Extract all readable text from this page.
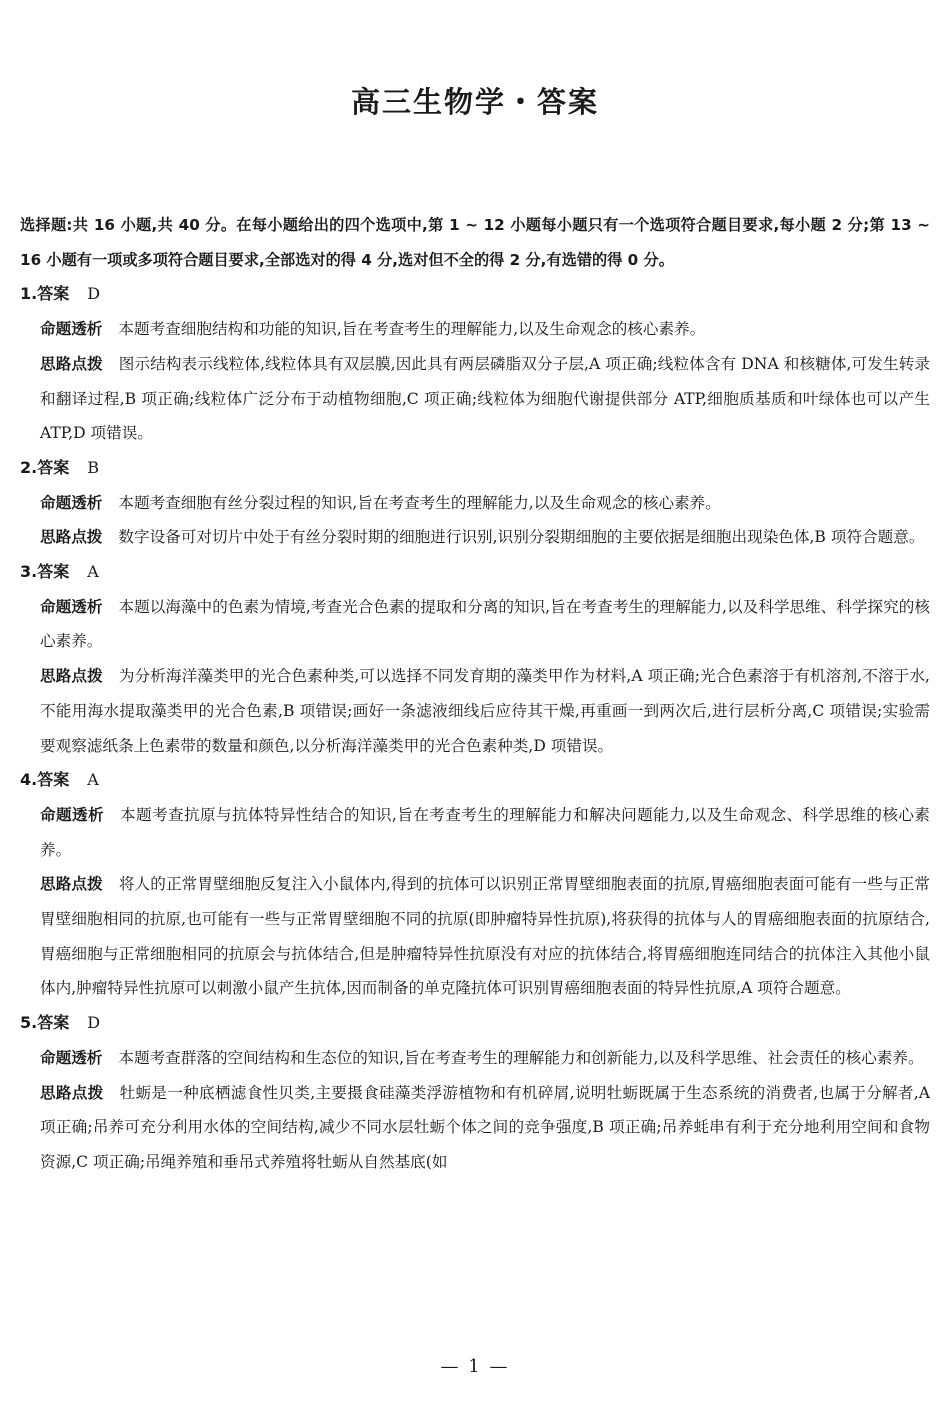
高三生物学・答案

选择题:共 16 小题,共 40 分。在每小题给出的四个选项中,第 1 ~ 12 小题每小题只有一个选项符合题目要求,每小题 2 分;第 13 ~ 16 小题有一项或多项符合题目要求,全部选对的得 4 分,选对但不全的得 2 分,有选错的得 0 分。

1.答案 D

命题透析 本题考查细胞结构和功能的知识,旨在考查考生的理解能力,以及生命观念的核心素养。

思路点拨 图示结构表示线粒体,线粒体具有双层膜,因此具有两层磷脂双分子层,A 项正确;线粒体含有 DNA 和核糖体,可发生转录和翻译过程,B 项正确;线粒体广泛分布于动植物细胞,C 项正确;线粒体为细胞代谢提供部分 ATP,细胞质基质和叶绿体也可以产生 ATP,D 项错误。

2.答案 B

命题透析 本题考查细胞有丝分裂过程的知识,旨在考查考生的理解能力,以及生命观念的核心素养。

思路点拨 数字设备可对切片中处于有丝分裂时期的细胞进行识别,识别分裂期细胞的主要依据是细胞出现染色体,B 项符合题意。

3.答案 A

命题透析 本题以海藻中的色素为情境,考查光合色素的提取和分离的知识,旨在考查考生的理解能力,以及科学思维、科学探究的核心素养。

思路点拨 为分析海洋藻类甲的光合色素种类,可以选择不同发育期的藻类甲作为材料,A 项正确;光合色素溶于有机溶剂,不溶于水,不能用海水提取藻类甲的光合色素,B 项错误;画好一条滤液细线后应待其干燥,再重画一到两次后,进行层析分离,C 项错误;实验需要观察滤纸条上色素带的数量和颜色,以分析海洋藻类甲的光合色素种类,D 项错误。

4.答案 A

命题透析 本题考查抗原与抗体特异性结合的知识,旨在考查考生的理解能力和解决问题能力,以及生命观念、科学思维的核心素养。

思路点拨 将人的正常胃壁细胞反复注入小鼠体内,得到的抗体可以识别正常胃壁细胞表面的抗原,胃癌细胞表面可能有一些与正常胃壁细胞相同的抗原,也可能有一些与正常胃壁细胞不同的抗原(即肿瘤特异性抗原),将获得的抗体与人的胃癌细胞表面的抗原结合,胃癌细胞与正常细胞相同的抗原会与抗体结合,但是肿瘤特异性抗原没有对应的抗体结合,将胃癌细胞连同结合的抗体注入其他小鼠体内,肿瘤特异性抗原可以刺激小鼠产生抗体,因而制备的单克隆抗体可识别胃癌细胞表面的特异性抗原,A 项符合题意。

5.答案 D

命题透析 本题考查群落的空间结构和生态位的知识,旨在考查考生的理解能力和创新能力,以及科学思维、社会责任的核心素养。

思路点拨 牡蛎是一种底栖滤食性贝类,主要摄食硅藻类浮游植物和有机碎屑,说明牡蛎既属于生态系统的消费者,也属于分解者,A 项正确;吊养可充分利用水体的空间结构,减少不同水层牡蛎个体之间的竞争强度,B 项正确;吊养蚝串有利于充分地利用空间和食物资源,C 项正确;吊绳养殖和垂吊式养殖将牡蛎从自然基底(如

— 1 —
